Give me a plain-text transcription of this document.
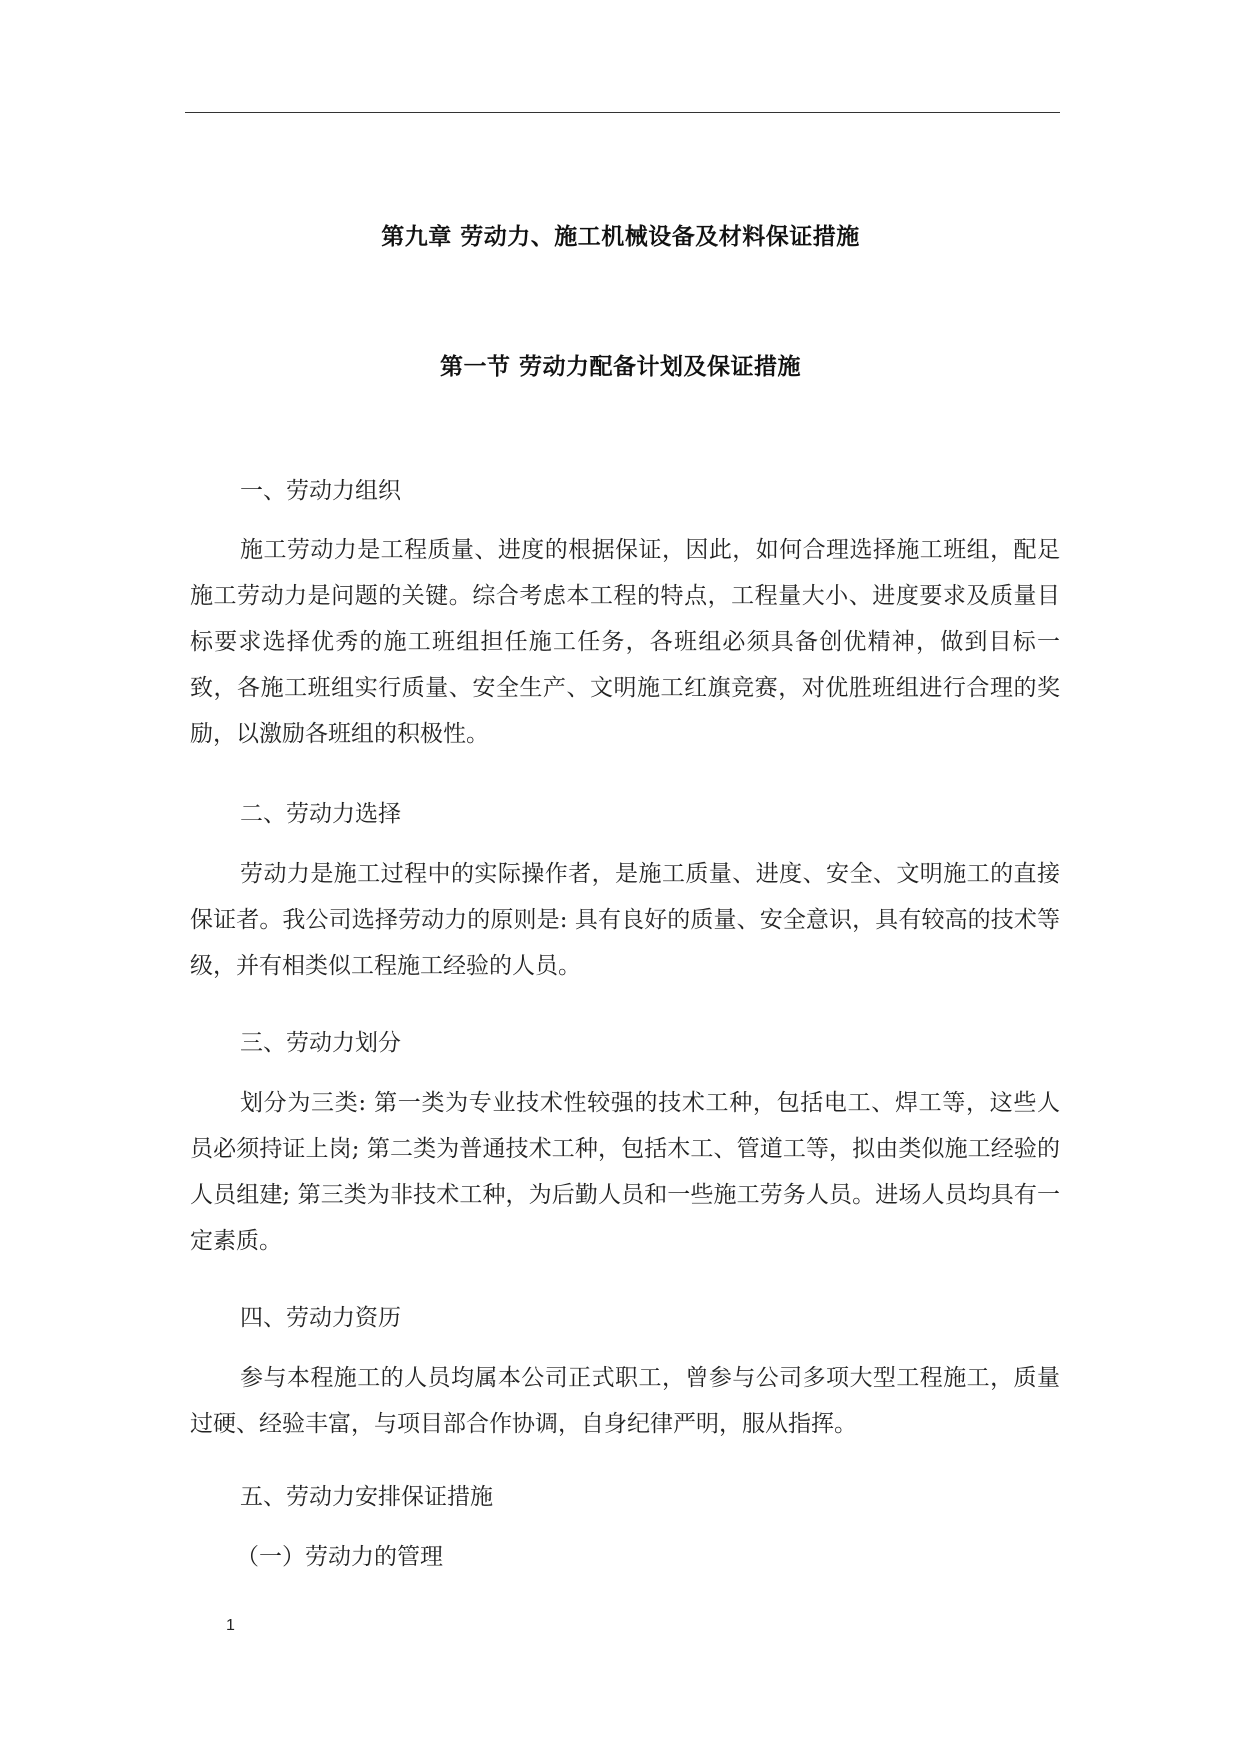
第九章 劳动力、施工机械设备及材料保证措施
第一节 劳动力配备计划及保证措施
一、劳动力组织
施工劳动力是工程质量、进度的根据保证，因此，如何合理选择施工班组，配足施工劳动力是问题的关键。综合考虑本工程的特点，工程量大小、进度要求及质量目标要求选择优秀的施工班组担任施工任务，各班组必须具备创优精神，做到目标一致，各施工班组实行质量、安全生产、文明施工红旗竞赛，对优胜班组进行合理的奖励，以激励各班组的积极性。
二、劳动力选择
劳动力是施工过程中的实际操作者，是施工质量、进度、安全、文明施工的直接保证者。我公司选择劳动力的原则是: 具有良好的质量、安全意识，具有较高的技术等级，并有相类似工程施工经验的人员。
三、劳动力划分
划分为三类: 第一类为专业技术性较强的技术工种，包括电工、焊工等，这些人员必须持证上岗; 第二类为普通技术工种，包括木工、管道工等，拟由类似施工经验的人员组建; 第三类为非技术工种，为后勤人员和一些施工劳务人员。进场人员均具有一定素质。
四、劳动力资历
参与本程施工的人员均属本公司正式职工，曾参与公司多项大型工程施工，质量过硬、经验丰富，与项目部合作协调，自身纪律严明，服从指挥。
五、劳动力安排保证措施
（一）劳动力的管理
1
